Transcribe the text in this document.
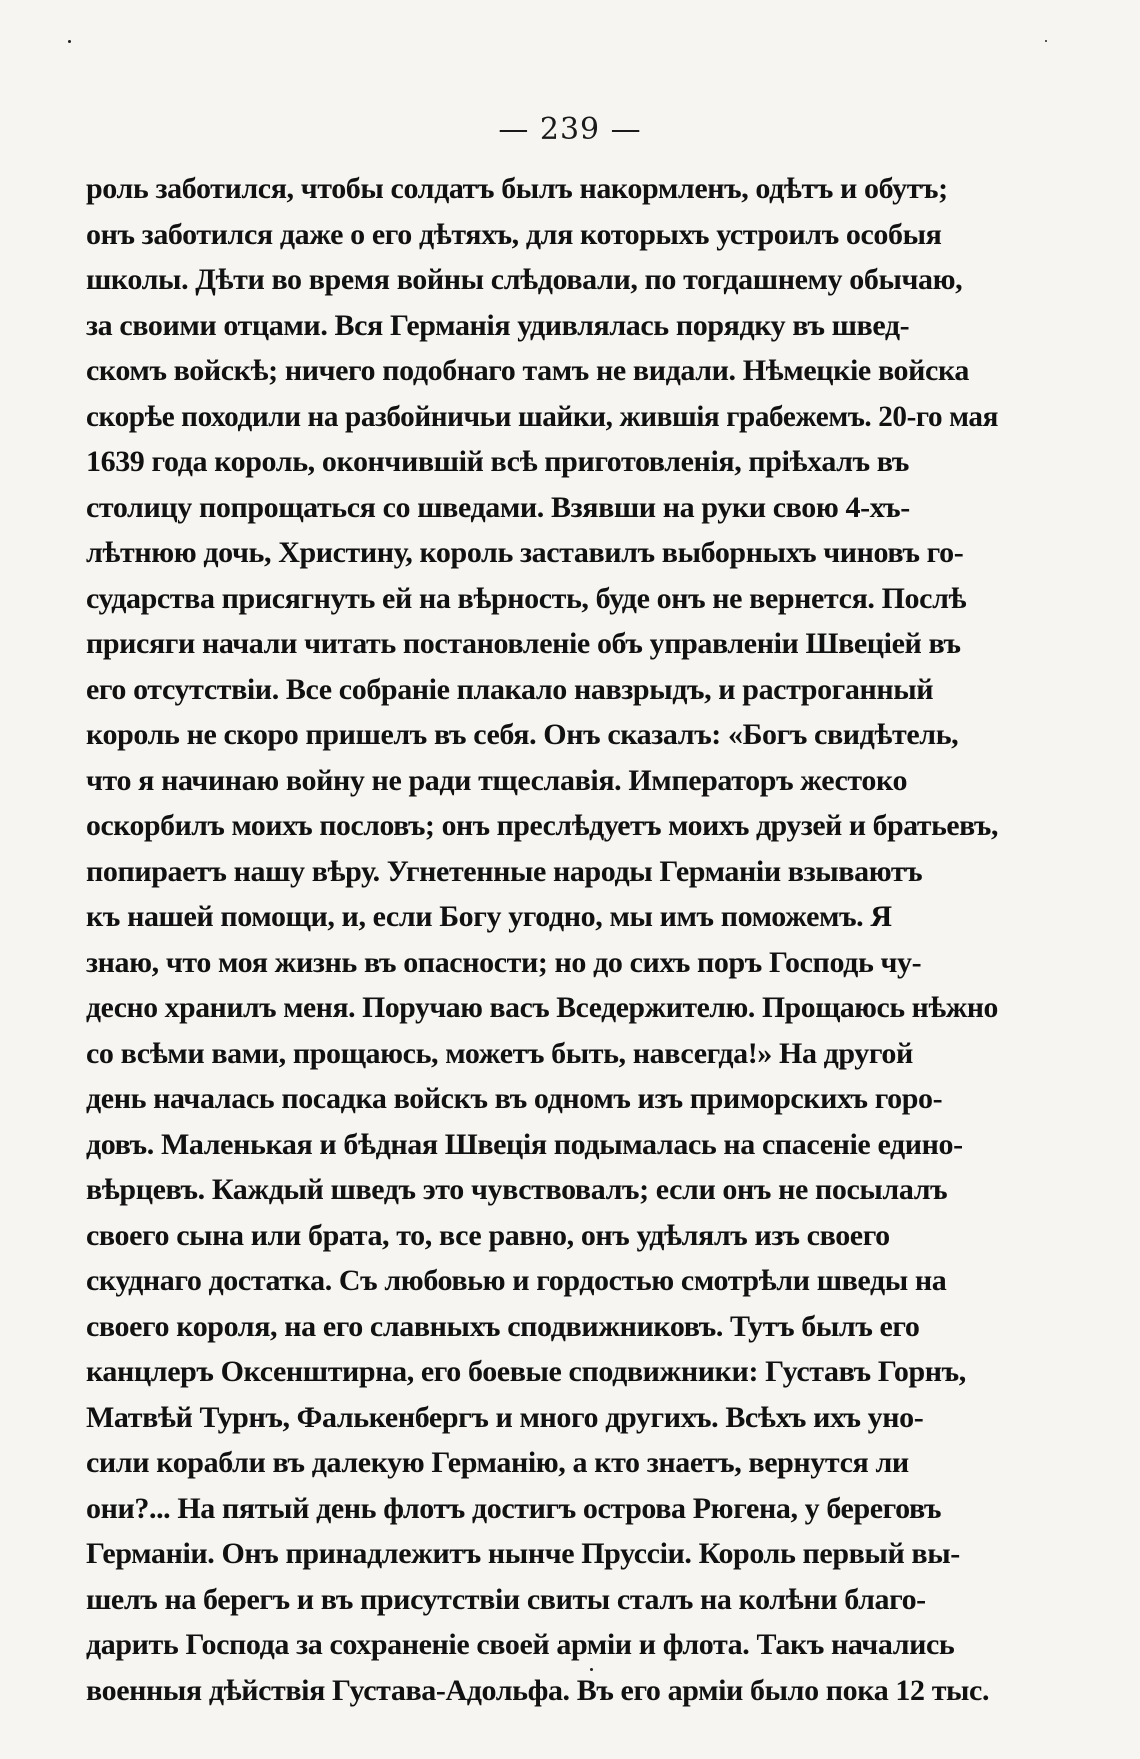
— 239 —
роль заботился, чтобы солдатъ былъ накормленъ, одѣтъ и обутъ;
онъ заботился даже о его дѣтяхъ, для которыхъ устроилъ особыя
школы. Дѣти во время войны слѣдовали, по тогдашнему обычаю,
за своими отцами. Вся Германія удивлялась порядку въ швед-
скомъ войскѣ; ничего подобнаго тамъ не видали. Нѣмецкіе войска
скорѣе походили на разбойничьи шайки, жившія грабежемъ. 20-го мая
1639 года король, окончившій всѣ приготовленія, пріѣхалъ въ
столицу попрощаться со шведами. Взявши на руки свою 4-хъ-
лѣтнюю дочь, Христину, король заставилъ выборныхъ чиновъ го-
сударства присягнуть ей на вѣрность, буде онъ не вернется. Послѣ
присяги начали читать постановленіе объ управленіи Швеціей въ
его отсутствіи. Все собраніе плакало навзрыдъ, и растроганный
король не скоро пришелъ въ себя. Онъ сказалъ: «Богъ свидѣтель,
что я начинаю войну не ради тщеславія. Императоръ жестоко
оскорбилъ моихъ пословъ; онъ преслѣдуетъ моихъ друзей и братьевъ,
попираетъ нашу вѣру. Угнетенные народы Германіи взываютъ
къ нашей помощи, и, если Богу угодно, мы имъ поможемъ. Я
знаю, что моя жизнь въ опасности; но до сихъ поръ Господь чу-
десно хранилъ меня. Поручаю васъ Вседержителю. Прощаюсь нѣжно
со всѣми вами, прощаюсь, можетъ быть, навсегда!» На другой
день началась посадка войскъ въ одномъ изъ приморскихъ горо-
довъ. Маленькая и бѣдная Швеція подымалась на спасеніе едино-
вѣрцевъ. Каждый шведъ это чувствовалъ; если онъ не посылалъ
своего сына или брата, то, все равно, онъ удѣлялъ изъ своего
скуднаго достатка. Съ любовью и гордостью смотрѣли шведы на
своего короля, на его славныхъ сподвижниковъ. Тутъ былъ его
канцлеръ Оксенштирна, его боевые сподвижники: Густавъ Горнъ,
Матвѣй Турнъ, Фалькенбергъ и много другихъ. Всѣхъ ихъ уно-
сили корабли въ далекую Германію, а кто знаетъ, вернутся ли
они?... На пятый день флотъ достигъ острова Рюгена, у береговъ
Германіи. Онъ принадлежитъ нынче Пруссіи. Король первый вы-
шелъ на берегъ и въ присутствіи свиты сталъ на колѣни благо-
дарить Господа за сохраненіе своей арміи и флота. Такъ начались
военныя дѣйствія Густава-Адольфа. Въ его арміи было пока 12 тыс.
